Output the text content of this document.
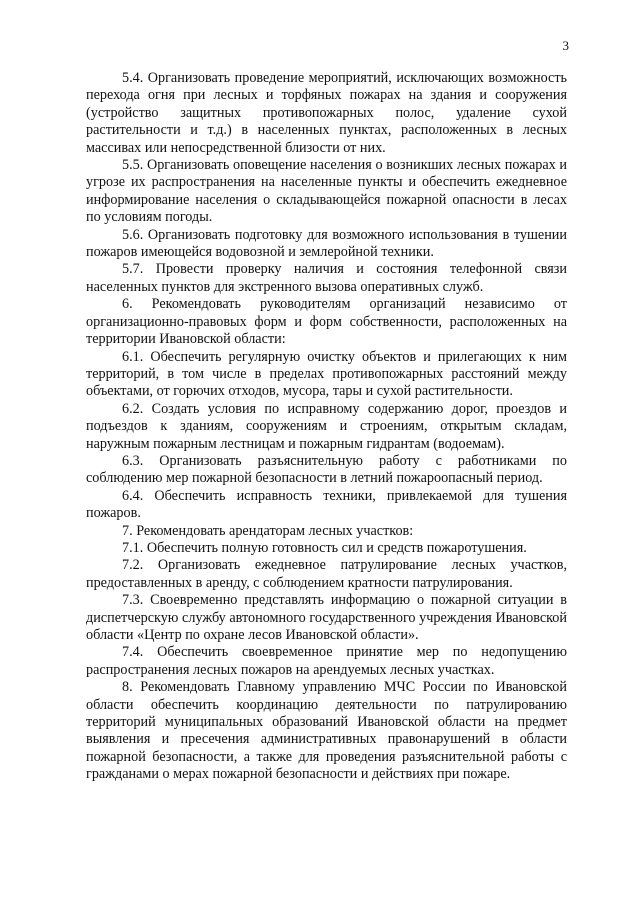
3

5.4. Организовать проведение мероприятий, исключающих возможность перехода огня при лесных и торфяных пожарах на здания и сооружения (устройство защитных противопожарных полос, удаление сухой растительности и т.д.) в населенных пунктах, расположенных в лесных массивах или непосредственной близости от них.

5.5. Организовать оповещение населения о возникших лесных пожарах и угрозе их распространения на населенные пункты и обеспечить ежедневное информирование населения о складывающейся пожарной опасности в лесах по условиям погоды.

5.6. Организовать подготовку для возможного использования в тушении пожаров имеющейся водовозной и землеройной техники.

5.7. Провести проверку наличия и состояния телефонной связи населенных пунктов для экстренного вызова оперативных служб.

6. Рекомендовать руководителям организаций независимо от организационно-правовых форм и форм собственности, расположенных на территории Ивановской области:

6.1. Обеспечить регулярную очистку объектов и прилегающих к ним территорий, в том числе в пределах противопожарных расстояний между объектами, от горючих отходов, мусора, тары и сухой растительности.

6.2. Создать условия по исправному содержанию дорог, проездов и подъездов к зданиям, сооружениям и строениям, открытым складам, наружным пожарным лестницам и пожарным гидрантам (водоемам).

6.3. Организовать разъяснительную работу с работниками по соблюдению мер пожарной безопасности в летний пожароопасный период.

6.4. Обеспечить исправность техники, привлекаемой для тушения пожаров.

7. Рекомендовать арендаторам лесных участков:

7.1. Обеспечить полную готовность сил и средств пожаротушения.

7.2. Организовать ежедневное патрулирование лесных участков, предоставленных в аренду, с соблюдением кратности патрулирования.

7.3. Своевременно представлять информацию о пожарной ситуации в диспетчерскую службу автономного государственного учреждения Ивановской области «Центр по охране лесов Ивановской области».

7.4. Обеспечить своевременное принятие мер по недопущению распространения лесных пожаров на арендуемых лесных участках.

8. Рекомендовать Главному управлению МЧС России по Ивановской области обеспечить координацию деятельности по патрулированию территорий муниципальных образований Ивановской области на предмет выявления и пресечения административных правонарушений в области пожарной безопасности, а также для проведения разъяснительной работы с гражданами о мерах пожарной безопасности и действиях при пожаре.
